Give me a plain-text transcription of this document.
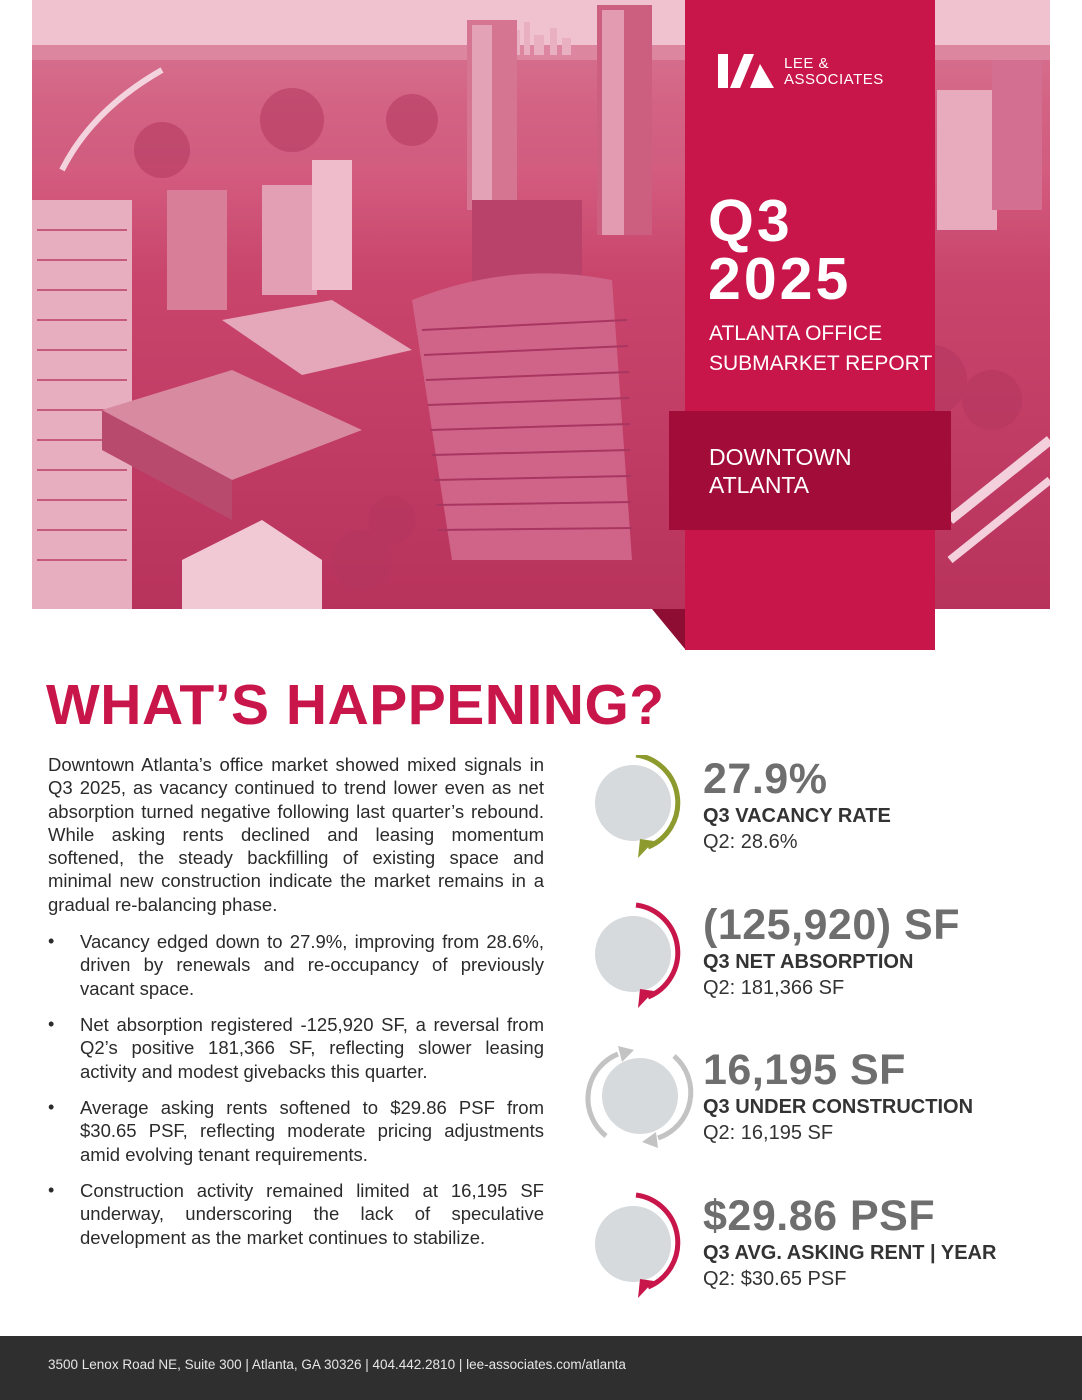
LEE &
ASSOCIATES
Q3
2025
ATLANTA OFFICE
SUBMARKET REPORT
DOWNTOWN
ATLANTA
WHAT’S HAPPENING?

Downtown Atlanta’s office market showed mixed signals in Q3 2025, as vacancy continued to trend lower even as net absorption turned negative following last quarter’s rebound. While asking rents declined and leasing momentum softened, the steady backfilling of existing space and minimal new construction indicate the market remains in a gradual re-balancing phase.

• Vacancy edged down to 27.9%, improving from 28.6%, driven by renewals and re-occupancy of previously vacant space.

• Net absorption registered -125,920 SF, a reversal from Q2’s positive 181,366 SF, reflecting slower leasing activity and modest givebacks this quarter.

• Average asking rents softened to $29.86 PSF from $30.65 PSF, reflecting moderate pricing adjustments amid evolving tenant requirements.

• Construction activity remained limited at 16,195 SF underway, underscoring the lack of speculative development as the market continues to stabilize.

27.9%
Q3 VACANCY RATE
Q2: 28.6%
(125,920) SF
Q3 NET ABSORPTION
Q2: 181,366 SF
16,195 SF
Q3 UNDER CONSTRUCTION
Q2: 16,195 SF
$29.86 PSF
Q3 AVG. ASKING RENT | YEAR
Q2: $30.65 PSF
3500 Lenox Road NE, Suite 300 | Atlanta, GA 30326 | 404.442.2810 | lee-associates.com/atlanta
